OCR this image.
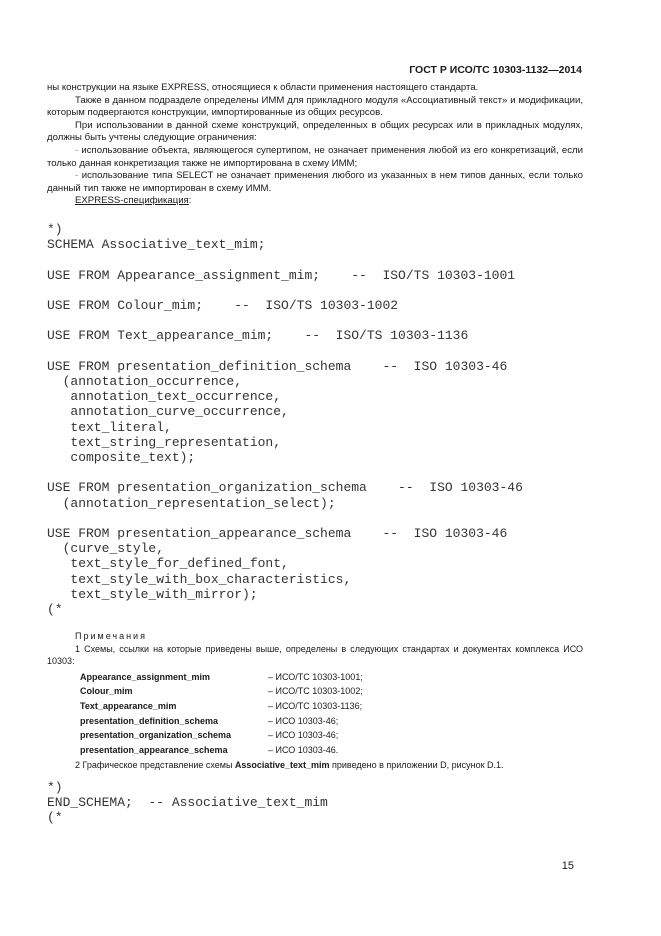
ГОСТ Р ИСО/ТС 10303-1132—2014

ны конструкции на языке EXPRESS, относящиеся к области применения настоящего стандарта.

Также в данном подразделе определены ИММ для прикладного модуля «Ассоциативный текст» и модификации, которым подвергаются конструкции, импортированные из общих ресурсов.

При использовании в данной схеме конструкций, определенных в общих ресурсах или в прикладных модулях, должны быть учтены следующие ограничения:

- использование объекта, являющегося супертипом, не означает применения любой из его конкретизаций, если только данная конкретизация также не импортирована в схему ИММ;

- использование типа SELECT не означает применения любого из указанных в нем типов данных, если только данный тип также не импортирован в схему ИММ.

EXPRESS-спецификация:

*)
SCHEMA Associative_text_mim;

USE FROM Appearance_assignment_mim;    --  ISO/TS 10303-1001

USE FROM Colour_mim;    --  ISO/TS 10303-1002

USE FROM Text_appearance_mim;    --  ISO/TS 10303-1136

USE FROM presentation_definition_schema    --  ISO 10303-46
(annotation_occurrence,
annotation_text_occurrence,
annotation_curve_occurrence,
text_literal,
text_string_representation,
composite_text);

USE FROM presentation_organization_schema    --  ISO 10303-46
(annotation_representation_select);

USE FROM presentation_appearance_schema    --  ISO 10303-46
(curve_style,
text_style_for_defined_font,
text_style_with_box_characteristics,
text_style_with_mirror);
(*
Примечания

1 Схемы, ссылки на которые приведены выше, определены в следующих стандартах и документах комплекса ИСО 10303:

Appearance_assignment_mim	– ИСО/ТС 10303-1001;
Colour_mim	– ИСО/ТС 10303-1002;
Text_appearance_mim	– ИСО/ТС 10303-1136;
presentation_definition_schema	– ИСО 10303-46;
presentation_organization_schema	– ИСО 10303-46;
presentation_appearance_schema	– ИСО 10303-46.

2 Графическое представление схемы Associative_text_mim приведено в приложении D, рисунок D.1.

*)
END_SCHEMA;  -- Associative_text_mim
(*
15
